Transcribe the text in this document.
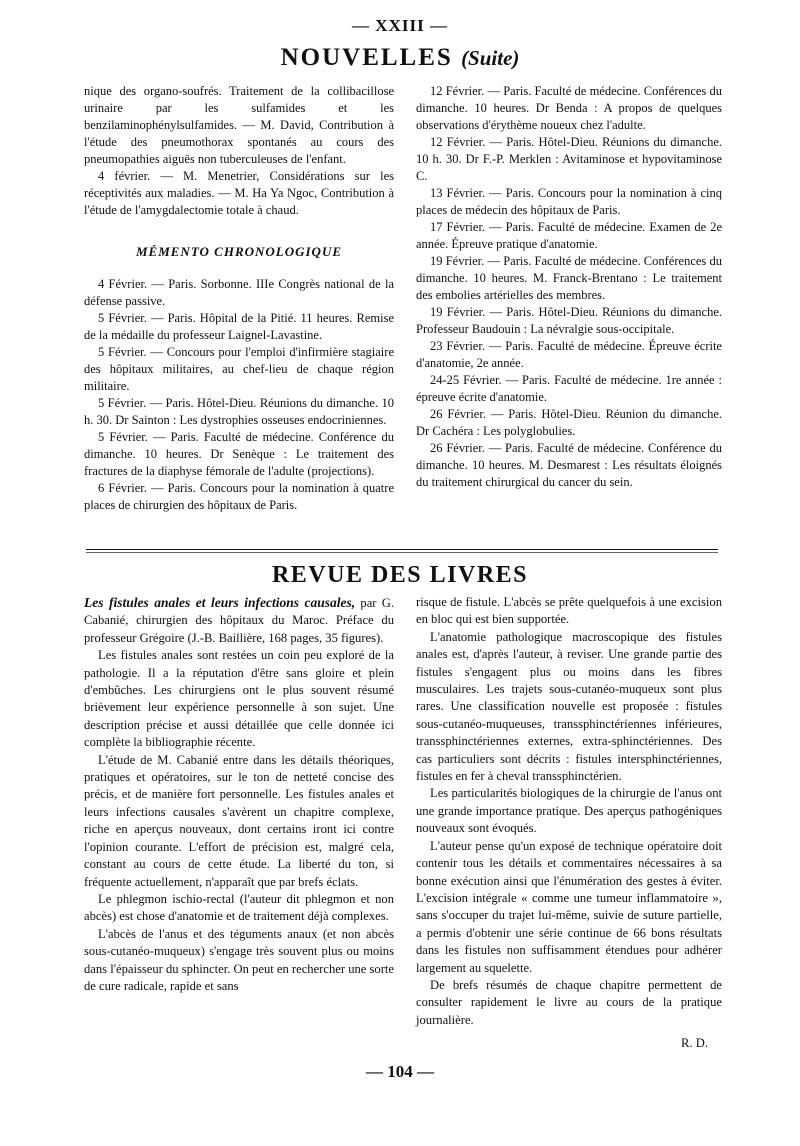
— XXIII —
NOUVELLES (Suite)

nique des organo-soufrés. Traitement de la collibacillose urinaire par les sulfamides et les benzilaminophénylsulfamides. — M. David, Contribution à l'étude des pneumothorax spontanés au cours des pneumopathies aiguës non tuberculeuses de l'enfant.

4 février. — M. Menetrier, Considérations sur les réceptivités aux maladies. — M. Ha Ya Ngoc, Contribution à l'étude de l'amygdalectomie totale à chaud.

MÉMENTO CHRONOLOGIQUE

4 Février. — Paris. Sorbonne. IIIe Congrès national de la défense passive.

5 Février. — Paris. Hôpital de la Pitié. 11 heures. Remise de la médaille du professeur Laignel-Lavastine.

5 Février. — Concours pour l'emploi d'infirmière stagiaire des hôpitaux militaires, au chef-lieu de chaque région militaire.

5 Février. — Paris. Hôtel-Dieu. Réunions du dimanche. 10 h. 30. Dr Sainton : Les dystrophies osseuses endocriniennes.

5 Février. — Paris. Faculté de médecine. Conférence du dimanche. 10 heures. Dr Senèque : Le traitement des fractures de la diaphyse fémorale de l'adulte (projections).

6 Février. — Paris. Concours pour la nomination à quatre places de chirurgien des hôpitaux de Paris.

12 Février. — Paris. Faculté de médecine. Conférences du dimanche. 10 heures. Dr Benda : A propos de quelques observations d'érythème noueux chez l'adulte.

12 Février. — Paris. Hôtel-Dieu. Réunions du dimanche. 10 h. 30. Dr F.-P. Merklen : Avitaminose et hypovitaminose C.

13 Février. — Paris. Concours pour la nomination à cinq places de médecin des hôpitaux de Paris.

17 Février. — Paris. Faculté de médecine. Examen de 2e année. Épreuve pratique d'anatomie.

19 Février. — Paris. Faculté de médecine. Conférences du dimanche. 10 heures. M. Franck-Brentano : Le traitement des embolies artérielles des membres.

19 Février. — Paris. Hôtel-Dieu. Réunions du dimanche. Professeur Baudouin : La névralgie sous-occipitale.

23 Février. — Paris. Faculté de médecine. Épreuve écrite d'anatomie, 2e année.

24-25 Février. — Paris. Faculté de médecine. 1re année : épreuve écrite d'anatomie.

26 Février. — Paris. Hôtel-Dieu. Réunion du dimanche. Dr Cachéra : Les polyglobulies.

26 Février. — Paris. Faculté de médecine. Conférence du dimanche. 10 heures. M. Desmarest : Les résultats éloignés du traitement chirurgical du cancer du sein.

REVUE DES LIVRES

Les fistules anales et leurs infections causales, par G. Cabanié, chirurgien des hôpitaux du Maroc. Préface du professeur Grégoire (J.-B. Baillière, 168 pages, 35 figures).

Les fistules anales sont restées un coin peu exploré de la pathologie. Il a la réputation d'être sans gloire et plein d'embûches. Les chirurgiens ont le plus souvent résumé brièvement leur expérience personnelle à son sujet. Une description précise et aussi détaillée que celle donnée ici complète la bibliographie récente.

L'étude de M. Cabanié entre dans les détails théoriques, pratiques et opératoires, sur le ton de netteté concise des précis, et de manière fort personnelle. Les fistules anales et leurs infections causales s'avèrent un chapitre complexe, riche en aperçus nouveaux, dont certains iront ici contre l'opinion courante. L'effort de précision est, malgré cela, constant au cours de cette étude. La liberté du ton, si fréquente actuellement, n'apparaît que par brefs éclats.

Le phlegmon ischio-rectal (l'auteur dit phlegmon et non abcès) est chose d'anatomie et de traitement déjà complexes.

L'abcès de l'anus et des téguments anaux (et non abcès sous-cutanéo-muqueux) s'engage très souvent plus ou moins dans l'épaisseur du sphincter. On peut en rechercher une sorte de cure radicale, rapide et sans

risque de fistule. L'abcès se prête quelquefois à une excision en bloc qui est bien supportée.

L'anatomie pathologique macroscopique des fistules anales est, d'après l'auteur, à reviser. Une grande partie des fistules s'engagent plus ou moins dans les fibres musculaires. Les trajets sous-cutanéo-muqueux sont plus rares. Une classification nouvelle est proposée : fistules sous-cutanéo-muqueuses, transsphinctériennes inférieures, transsphinctériennes externes, extra-sphinctériennes. Des cas particuliers sont décrits : fistules intersphinctériennes, fistules en fer à cheval transsphinctérien.

Les particularités biologiques de la chirurgie de l'anus ont une grande importance pratique. Des aperçus pathogéniques nouveaux sont évoqués.

L'auteur pense qu'un exposé de technique opératoire doit contenir tous les détails et commentaires nécessaires à sa bonne exécution ainsi que l'énumération des gestes à éviter. L'excision intégrale « comme une tumeur inflammatoire », sans s'occuper du trajet lui-même, suivie de suture partielle, a permis d'obtenir une série continue de 66 bons résultats dans les fistules non suffisamment étendues pour adhérer largement au squelette.

De brefs résumés de chaque chapitre permettent de consulter rapidement le livre au cours de la pratique journalière.

R. D.

— 104 —
